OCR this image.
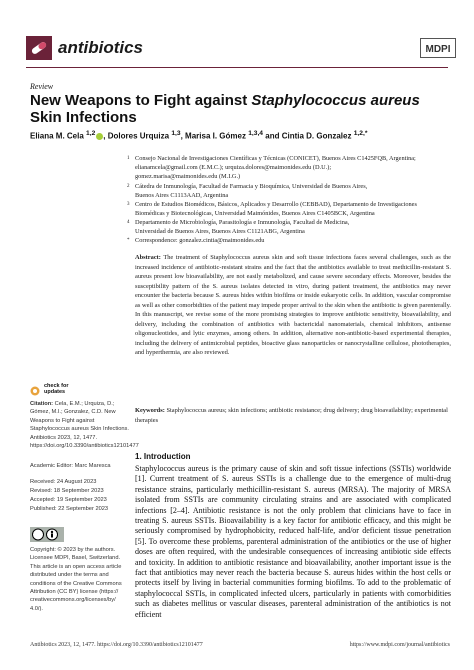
antibiotics	MDPI
Review
New Weapons to Fight against Staphylococcus aureus
Skin Infections
Eliana M. Cela $^{1,2}$ , Dolores Urquiza $^{1,3}$, Marisa I. Gómez $^{1,3,4}$ and Cintia D. Gonzalez $^{1,2,*}$
1 Consejo Nacional de Investigaciones Científicas y Técnicas (CONICET), Buenos Aires C1425FQB, Argentina;
elianamcela@gmail.com (E.M.C.); urquiza.dolores@maimonides.edu (D.U.);
gomez.marisa@maimonides.edu (M.I.G.)
2 Cátedra de Inmunología, Facultad de Farmacia y Bioquímica, Universidad de Buenos Aires,
Buenos Aires C1113AAD, Argentina
3 Centro de Estudios Biomédicos, Básicos, Aplicados y Desarrollo (CEBBAD), Departamento de Investigaciones
Biomédicas y Biotecnológicas, Universidad Maimónides, Buenos Aires C1405BCK, Argentina
4 Departamento de Microbiología, Parasitología e Inmunología, Facultad de Medicina,
Universidad de Buenos Aires, Buenos Aires C1121ABG, Argentina
* Correspondence: gonzalez.cintia@maimonides.edu
Abstract: The treatment of Staphylococcus aureus skin and soft tissue infections faces several challenges, such as the increased incidence of antibiotic-resistant strains and the fact that the antibiotics available to treat methicillin-resistant S. aureus present low bioavailability, are not easily metabolized, and cause severe secondary effects. Moreover, besides the susceptibility pattern of the S. aureus isolates detected in vitro, during patient treatment, the antibiotics may never encounter the bacteria because S. aureus hides within biofilms or inside eukaryotic cells. In addition, vascular compromise as well as other comorbidities of the patient may impede proper arrival to the skin when the antibiotic is given parenterally. In this manuscript, we revise some of the more promising strategies to improve antibiotic sensitivity, bioavailability, and delivery, including the combination of antibiotics with bactericidal nanomaterials, chemical inhibitors, antisense oligonucleotides, and lytic enzymes, among others. In addition, alternative non-antibiotic-based experimental therapies, including the delivery of antimicrobial peptides, bioactive glass nanoparticles or nanocrystalline cellulose, phototherapies, and hyperthermia, are also reviewed.
Keywords: Staphylococcus aureus; skin infections; antibiotic resistance; drug delivery; drug bioavailability; experimental therapies
check for
updates
Citation: Cela, E.M.; Urquiza, D.; Gómez, M.I.; Gonzalez, C.D. New Weapons to Fight against Staphylococcus aureus Skin Infections. Antibiotics 2023, 12, 1477. https://doi.org/10.3390/antibiotics12101477
Academic Editor: Marc Maresca
Received: 24 August 2023
Revised: 18 September 2023
Accepted: 19 September 2023
Published: 22 September 2023
Copyright: © 2023 by the authors. Licensee MDPI, Basel, Switzerland. This article is an open access article distributed under the terms and conditions of the Creative Commons Attribution (CC BY) license (https:// creativecommons.org/licenses/by/ 4.0/).
1. Introduction
Staphylococcus aureus is the primary cause of skin and soft tissue infections (SSTIs) worldwide [1]. Current treatment of S. aureus SSTIs is a challenge due to the emergence of multi-drug resistance strains, particularly methicillin-resistant S. aureus (MRSA). The majority of MRSA isolated from SSTIs are community circulating strains and are associated with complicated infections [2–4]. Antibiotic resistance is not the only problem that clinicians have to face in treating S. aureus SSTIs. Bioavailability is a key factor for antibiotic efficacy, and this might be seriously compromised by hydrophobicity, reduced half-life, and/or deficient tissue penetration [5]. To overcome these problems, parenteral administration of the antibiotics or the use of higher doses are often required, with the undesirable consequences of increasing antibiotic side effects and toxicity. In addition to antibiotic resistance and bioavailability, another important issue is the fact that antibiotics may never reach the bacteria because S. aureus hides within the host cells or protects itself by living in bacterial communities forming biofilms. To add to the problematic of staphylococcal SSTIs, in complicated infected ulcers, particularly in patients with comorbidities such as diabetes mellitus or vascular diseases, parenteral administration of the antibiotics is not efficient
Antibiotics 2023, 12, 1477. https://doi.org/10.3390/antibiotics12101477	https://www.mdpi.com/journal/antibiotics
